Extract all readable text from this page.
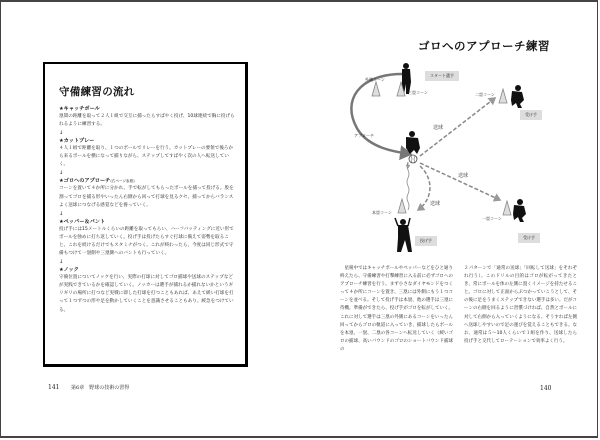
守備練習の流れ
★キャッチボール
塁間の距離を取って２人１組で交互に捕ったらすばやく投げ、10球連続で胸に投げられるように練習する。
↓
★カットプレー
４人１組で距離を取り、１つのボールでリレーを行う。カットプレーの要領で後ろから来るボールを横になって捕りながら、ステップしてすばやく次の人へ転送していく。
↓
★ゴロへのアプローチ(右ページ参照)
コーンを置いて４か所に分かれ、手で転がしてもらったボールを捕って投げる。股を割ってゴロを捕る形やいったん右側から回って打球を見るクセ、捕ってからバランスよく送球につなげる感覚などを養っていく。
↓
★ペッパー＆バント
投げ手には15メートルくらいの距離を取ってもらい、ハーフバッティングに近い形でボールを強めに打ち返していく。投げ手は投げたらすぐ打球に備えて姿勢を取ること。これを続けるだけでもスタミナがつく。これが終わったら、今度は同じ形式で守備もつけて一塁側や三塁側へのバントも行っていく。
↓
★ノック
守備位置についてノックを行い、実際の打球に対してゴロ捕球や送球のステップなどが実践できているかを確認していく。ノッカーは選手が捕れるか捕れないかというギリギリの場所に打つなど実戦に即した打球を打つこともあれば、あえて緩い打球を打って１つずつの形や足を動かしていくことを意識させることもあり、緩急をつけている。
141 第6章　野球の技術の習得
ゴロへのアプローチ練習
スタート選手
外側コーン
三塁コーン	二塁コーン
受け手
アプローチ
送球
送球
送球
本塁コーン
一塁コーン
投げ手
受け手
　星稜中ではキャッチボールやペッパーなどをひと通り終えたら、守備練習や打撃練習に入る前に必ずゴロへのアプローチ練習を行う。まず小さなダイヤモンドをつくって４か所にコーンを置き、三塁には外側にもう１つコーンを並べる。そして投げ手は本塁、他の選手は三塁に待機。準備ができたら、投げ手がゴロを転がしていく。これに対して選手は三塁の外側にあるコーンをいったん回ってからゴロの軌道に入っていき、捕球したらボールを本塁、一塁、二塁の各コーンへ転送していく（緩いゴロの捕球、高いバウンドのゴロのショートバウンド捕球の
２パターンで「通常の送球」「回転して送球」をそれぞれ行う）。このドリルの目的はゴロが転がってきたとき、常にボールを体の左側に置くイメージを持たせること。ゴロに対して正面からぶつかっていこうとして、その後に足をうまくステップできない選手は多い。だがコーンの右側を回るように習慣づければ、自然とボールに対して右側から入っていくようになる。そうすれば左側へ送球しやすいので足の運びを覚えることもできる。なお、通常は５～10人くらいで１組を作り、送球したら投げ手と交代してローテーションで効率よく行う。
140
